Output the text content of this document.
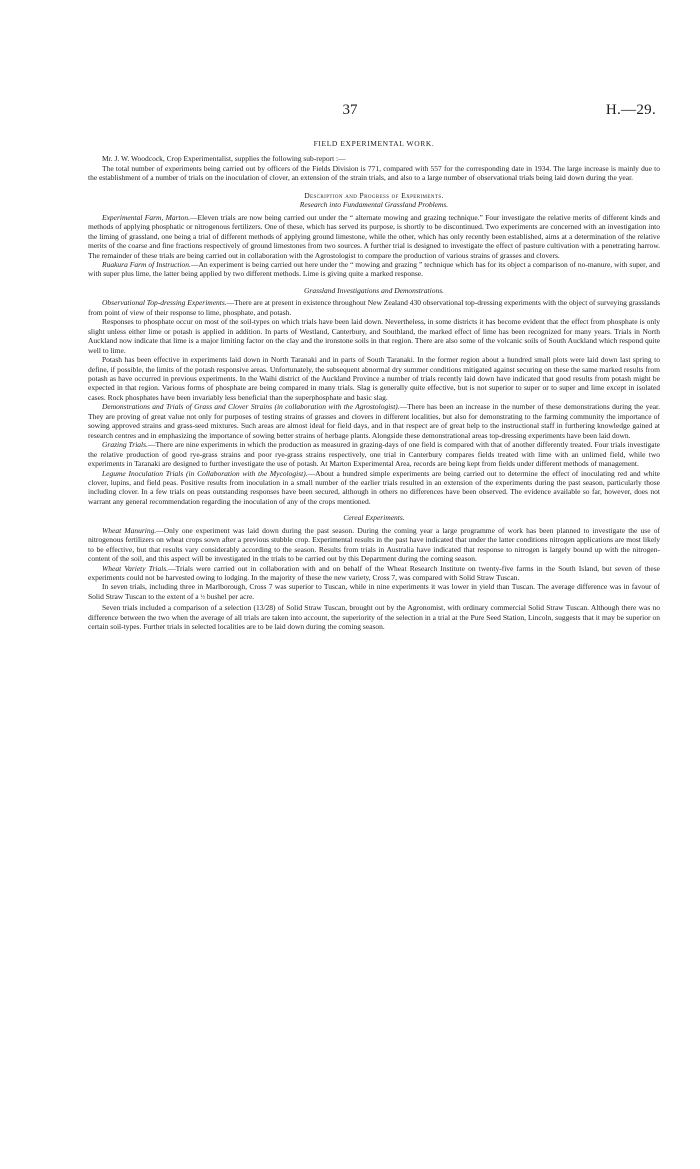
37	H.—29.
FIELD EXPERIMENTAL WORK.

Mr. J. W. Woodcock, Crop Experimentalist, supplies the following sub-report :—

The total number of experiments being carried out by officers of the Fields Division is 771, compared with 557 for the corresponding date in 1934. The large increase is mainly due to the establishment of a number of trials on the inoculation of clover, an extension of the strain trials, and also to a large number of observational trials being laid down during the year.

Description and Progress of Experiments.
Research into Fundamental Grassland Problems.

Experimental Farm, Marton.—Eleven trials are now being carried out under the “ alternate mowing and grazing technique.” Four investigate the relative merits of different kinds and methods of applying phosphatic or nitrogenous fertilizers. One of these, which has served its purpose, is shortly to be discontinued. Two experiments are concerned with an investigation into the liming of grassland, one being a trial of different methods of applying ground limestone, while the other, which has only recently been established, aims at a determination of the relative merits of the coarse and fine fractions respectively of ground limestones from two sources. A further trial is designed to investigate the effect of pasture cultivation with a penetrating harrow. The remainder of these trials are being carried out in collaboration with the Agrostologist to compare the production of various strains of grasses and clovers.

Ruakura Farm of Instruction.—An experiment is being carried out here under the “ mowing and grazing ” technique which has for its object a comparison of no-manure, with super, and with super plus lime, the latter being applied by two different methods. Lime is giving quite a marked response.

Grassland Investigations and Demonstrations.

Observational Top-dressing Experiments.—There are at present in existence throughout New Zealand 430 observational top-dressing experiments with the object of surveying grasslands from point of view of their response to lime, phosphate, and potash.

Responses to phosphate occur on most of the soil-types on which trials have been laid down. Nevertheless, in some districts it has become evident that the effect from phosphate is only slight unless either lime or potash is applied in addition. In parts of Westland, Canterbury, and Southland, the marked effect of lime has been recognized for many years. Trials in North Auckland now indicate that lime is a major limiting factor on the clay and the ironstone soils in that region. There are also some of the volcanic soils of South Auckland which respond quite well to lime.

Potash has been effective in experiments laid down in North Taranaki and in parts of South Taranaki. In the former region about a hundred small plots were laid down last spring to define, if possible, the limits of the potash responsive areas. Unfortunately, the subsequent abnormal dry summer conditions mitigated against securing on these the same marked results from potash as have occurred in previous experiments. In the Waihi district of the Auckland Province a number of trials recently laid down have indicated that good results from potash might be expected in that region. Various forms of phosphate are being compared in many trials. Slag is generally quite effective, but is not superior to super or to super and lime except in isolated cases. Rock phosphates have been invariably less beneficial than the superphosphate and basic slag.

Demonstrations and Trials of Grass and Clover Strains (in collaboration with the Agrostologist).—There has been an increase in the number of these demonstrations during the year. They are proving of great value not only for purposes of testing strains of grasses and clovers in different localities, but also for demonstrating to the farming community the importance of sowing approved strains and grass-seed mixtures. Such areas are almost ideal for field days, and in that respect are of great help to the instructional staff in furthering knowledge gained at research centres and in emphasizing the importance of sowing better strains of herbage plants. Alongside these demonstrational areas top-dressing experiments have been laid down.

Grazing Trials.—There are nine experiments in which the production as measured in grazing-days of one field is compared with that of another differently treated. Four trials investigate the relative production of good rye-grass strains and poor rye-grass strains respectively, one trial in Canterbury compares fields treated with lime with an unlimed field, while two experiments in Taranaki are designed to further investigate the use of potash. At Marton Experimental Area, records are being kept from fields under different methods of management.

Legume Inoculation Trials (in Collaboration with the Mycologist).—About a hundred simple experiments are being carried out to determine the effect of inoculating red and white clover, lupins, and field peas. Positive results from inoculation in a small number of the earlier trials resulted in an extension of the experiments during the past season, particularly those including clover. In a few trials on peas outstanding responses have been secured, although in others no differences have been observed. The evidence available so far, however, does not warrant any general recommendation regarding the inoculation of any of the crops mentioned.

Cereal Experiments.

Wheat Manuring.—Only one experiment was laid down during the past season. During the coming year a large programme of work has been planned to investigate the use of nitrogenous fertilizers on wheat crops sown after a previous stubble crop. Experimental results in the past have indicated that under the latter conditions nitrogen applications are most likely to be effective, but that results vary considerably according to the season. Results from trials in Australia have indicated that response to nitrogen is largely bound up with the nitrogen-content of the soil, and this aspect will be investigated in the trials to be carried out by this Department during the coming season.

Wheat Variety Trials.—Trials were carried out in collaboration with and on behalf of the Wheat Research Institute on twenty-five farms in the South Island, but seven of these experiments could not be harvested owing to lodging. In the majority of these the new variety, Cross 7, was compared with Solid Straw Tuscan.

In seven trials, including three in Marlborough, Cross 7 was superior to Tuscan, while in nine experiments it was lower in yield than Tuscan. The average difference was in favour of Solid Straw Tuscan to the extent of a ½ bushel per acre.

Seven trials included a comparison of a selection (13/28) of Solid Straw Tuscan, brought out by the Agronomist, with ordinary commercial Solid Straw Tuscan. Although there was no difference between the two when the average of all trials are taken into account, the superiority of the selection in a trial at the Pure Seed Station, Lincoln, suggests that it may be superior on certain soil-types. Further trials in selected localities are to be laid down during the coming season.
